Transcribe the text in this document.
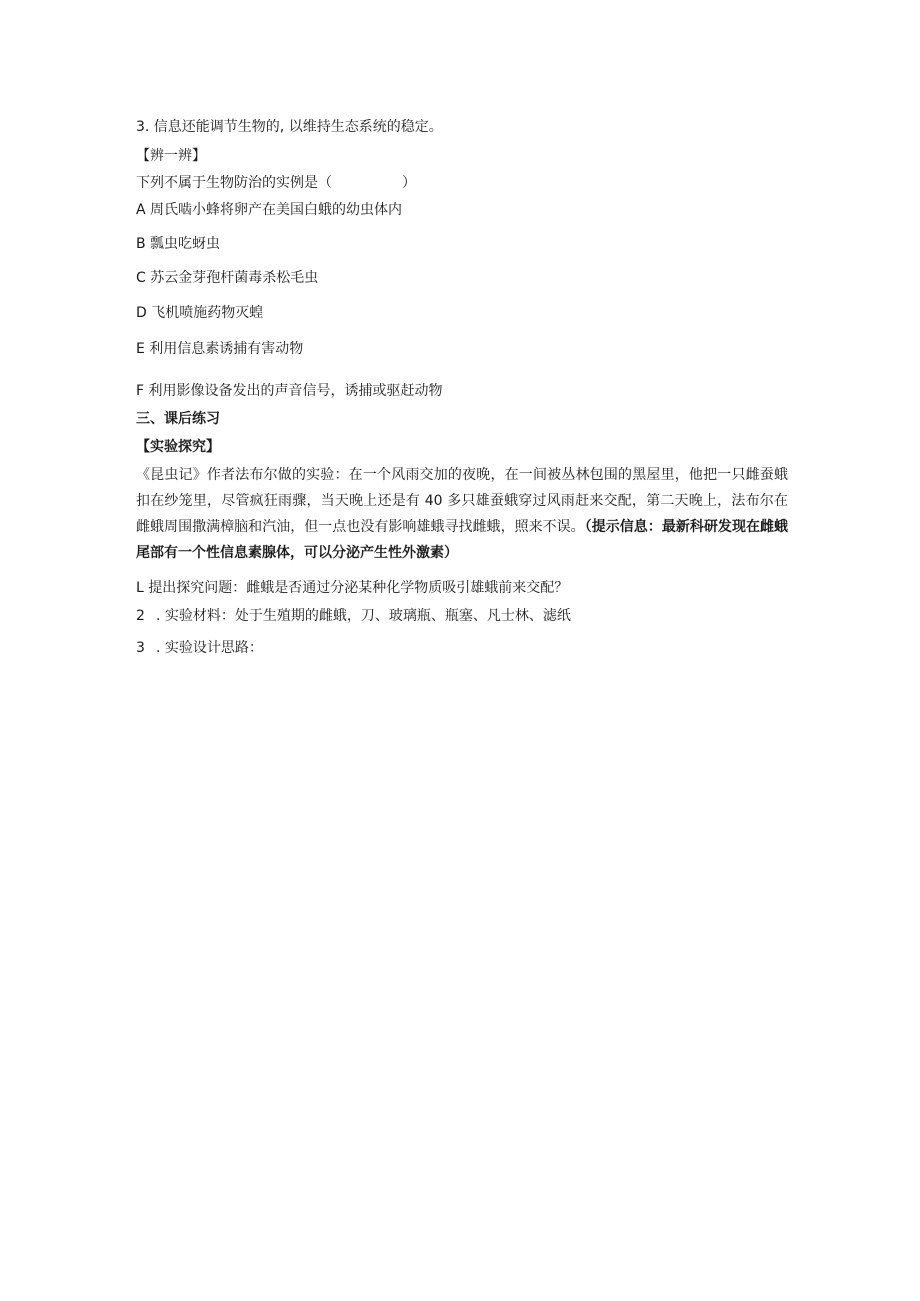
3. 信息还能调节生物的, 以维持生态系统的稳定。
【辨一辨】
下列不属于生物防治的实例是（　　　　　）
A 周氏啮小蜂将卵产在美国白蛾的幼虫体内
B 瓢虫吃蚜虫
C 苏云金芽孢杆菌毒杀松毛虫
D 飞机喷施药物灭蝗
E 利用信息素诱捕有害动物
F 利用影像设备发出的声音信号，诱捕或驱赶动物
三、课后练习
【实验探究】
《昆虫记》作者法布尔做的实验：在一个风雨交加的夜晚，在一间被丛林包围的黑屋里，他把一只雌蚕蛾扣在纱笼里，尽管疯狂雨骤，当天晚上还是有 40 多只雄蚕蛾穿过风雨赶来交配，第二天晚上，法布尔在雌蛾周围撒满樟脑和汽油，但一点也没有影响雄蛾寻找雌蛾，照来不误。（提示信息：最新科研发现在雌蛾尾部有一个性信息素腺体，可以分泌产生性外激素）
L 提出探究问题：雌蛾是否通过分泌某种化学物质吸引雄蛾前来交配？
2 . 实验材料：处于生殖期的雌蛾，刀、玻璃瓶、瓶塞、凡士林、滤纸
3 . 实验设计思路：
